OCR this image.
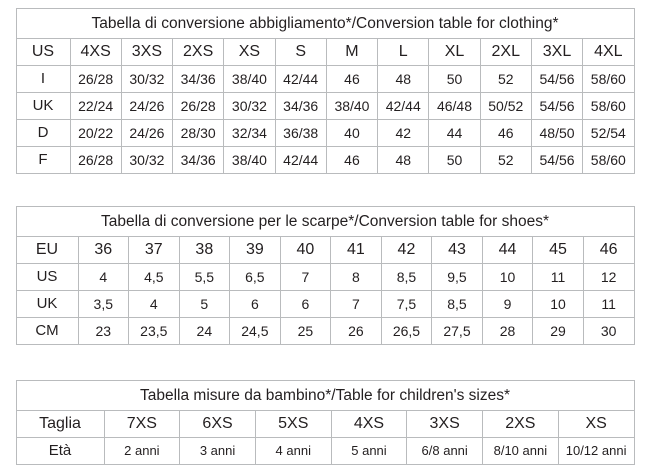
Tabella di conversione abbigliamento*/Conversion table for clothing*											
US	4XS	3XS	2XS	XS	S	M	L	XL	2XL	3XL	4XL
I	26/28	30/32	34/36	38/40	42/44	46	48	50	52	54/56	58/60
UK	22/24	24/26	26/28	30/32	34/36	38/40	42/44	46/48	50/52	54/56	58/60
D	20/22	24/26	28/30	32/34	36/38	40	42	44	46	48/50	52/54
F	26/28	30/32	34/36	38/40	42/44	46	48	50	52	54/56	58/60
Tabella di conversione per le scarpe*/Conversion table for shoes*											
EU	36	37	38	39	40	41	42	43	44	45	46
US	4	4,5	5,5	6,5	7	8	8,5	9,5	10	11	12
UK	3,5	4	5	6	6	7	7,5	8,5	9	10	11
CM	23	23,5	24	24,5	25	26	26,5	27,5	28	29	30
Tabella misure da bambino*/Table for children's sizes*							
Taglia	7XS	6XS	5XS	4XS	3XS	2XS	XS
Età	2 anni	3 anni	4 anni	5 anni	6/8 anni	8/10 anni	10/12 anni
